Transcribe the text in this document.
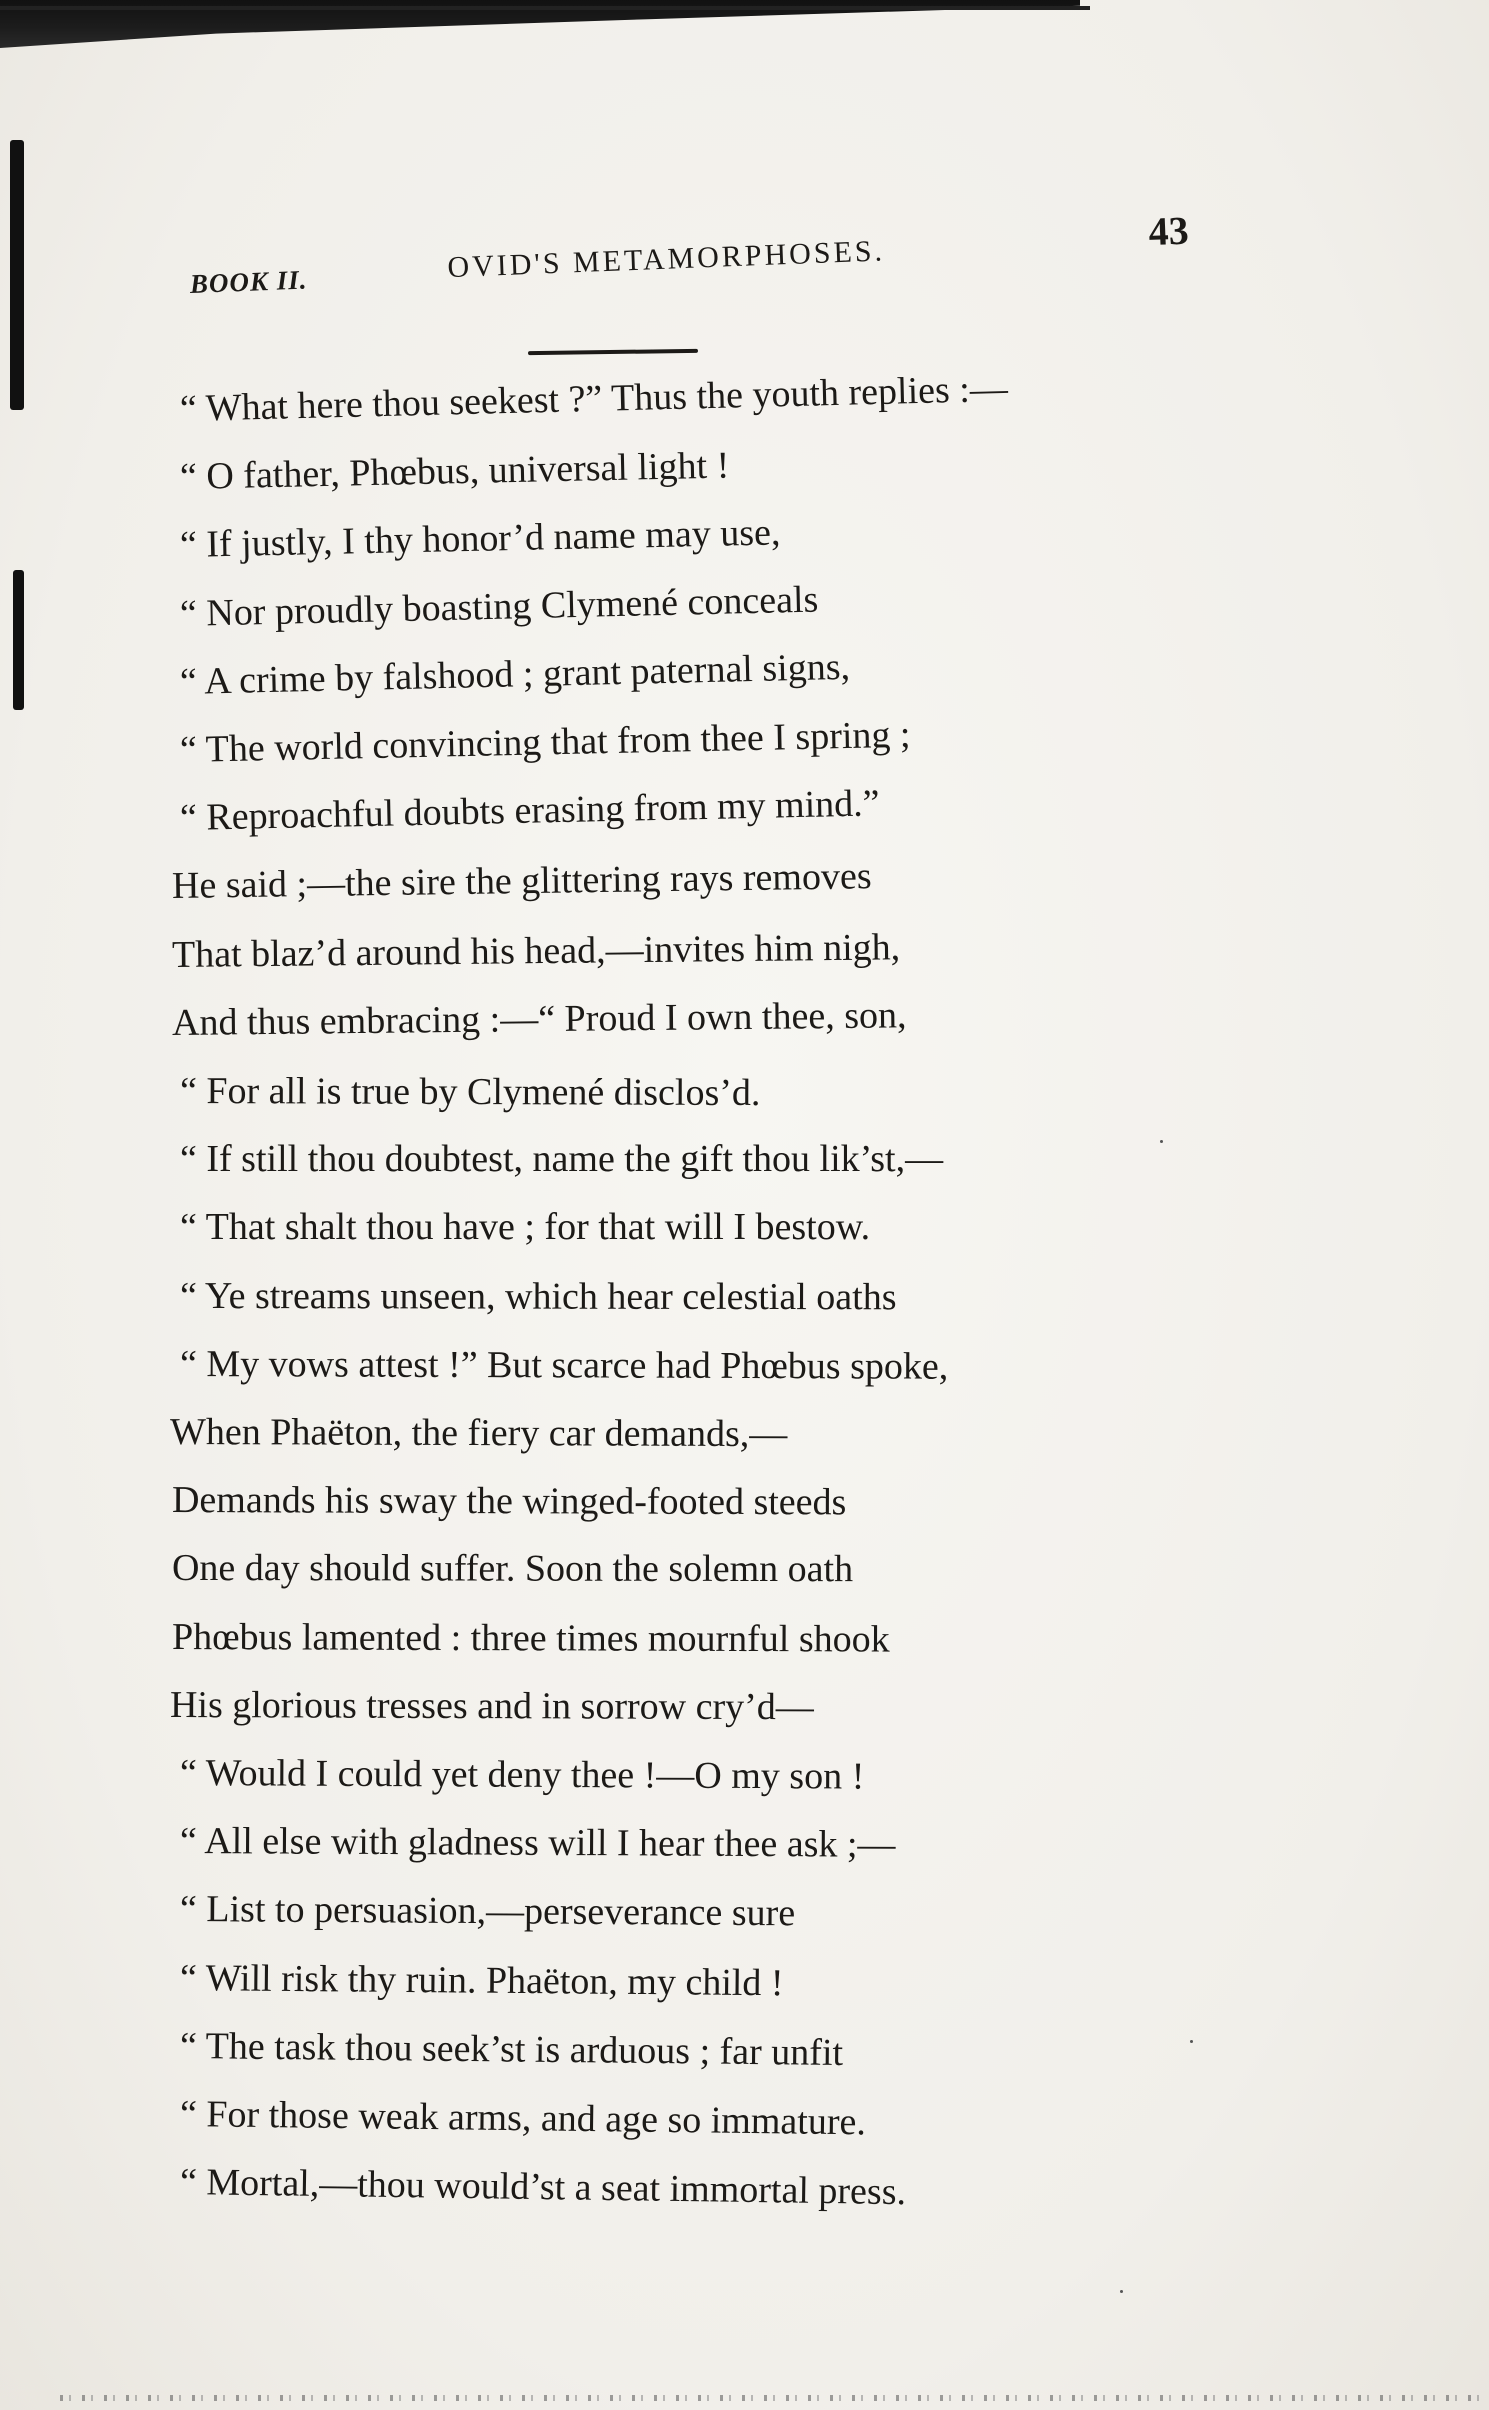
BOOK II.	OVID'S METAMORPHOSES.
43
“ What here thou seekest ?” Thus the youth replies :—
“ O father, Phœbus, universal light !
“ If justly, I thy honor’d name may use,
“ Nor proudly boasting Clymené conceals
“ A crime by falshood ; grant paternal signs,
“ The world convincing that from thee I spring ;
“ Reproachful doubts erasing from my mind.”
He said ;—the sire the glittering rays removes
That blaz’d around his head,—invites him nigh,
And thus embracing :—“ Proud I own thee, son,
“ For all is true by Clymené disclos’d.
“ If still thou doubtest, name the gift thou lik’st,—
“ That shalt thou have ; for that will I bestow.
“ Ye streams unseen, which hear celestial oaths
“ My vows attest !” But scarce had Phœbus spoke,
When Phaëton, the fiery car demands,—
Demands his sway the winged-footed steeds
One day should suffer. Soon the solemn oath
Phœbus lamented : three times mournful shook
His glorious tresses and in sorrow cry’d—
“ Would I could yet deny thee !—O my son !
“ All else with gladness will I hear thee ask ;—
“ List to persuasion,—perseverance sure
“ Will risk thy ruin. Phaëton, my child !
“ The task thou seek’st is arduous ; far unfit
“ For those weak arms, and age so immature.
“ Mortal,—thou would’st a seat immortal press.
